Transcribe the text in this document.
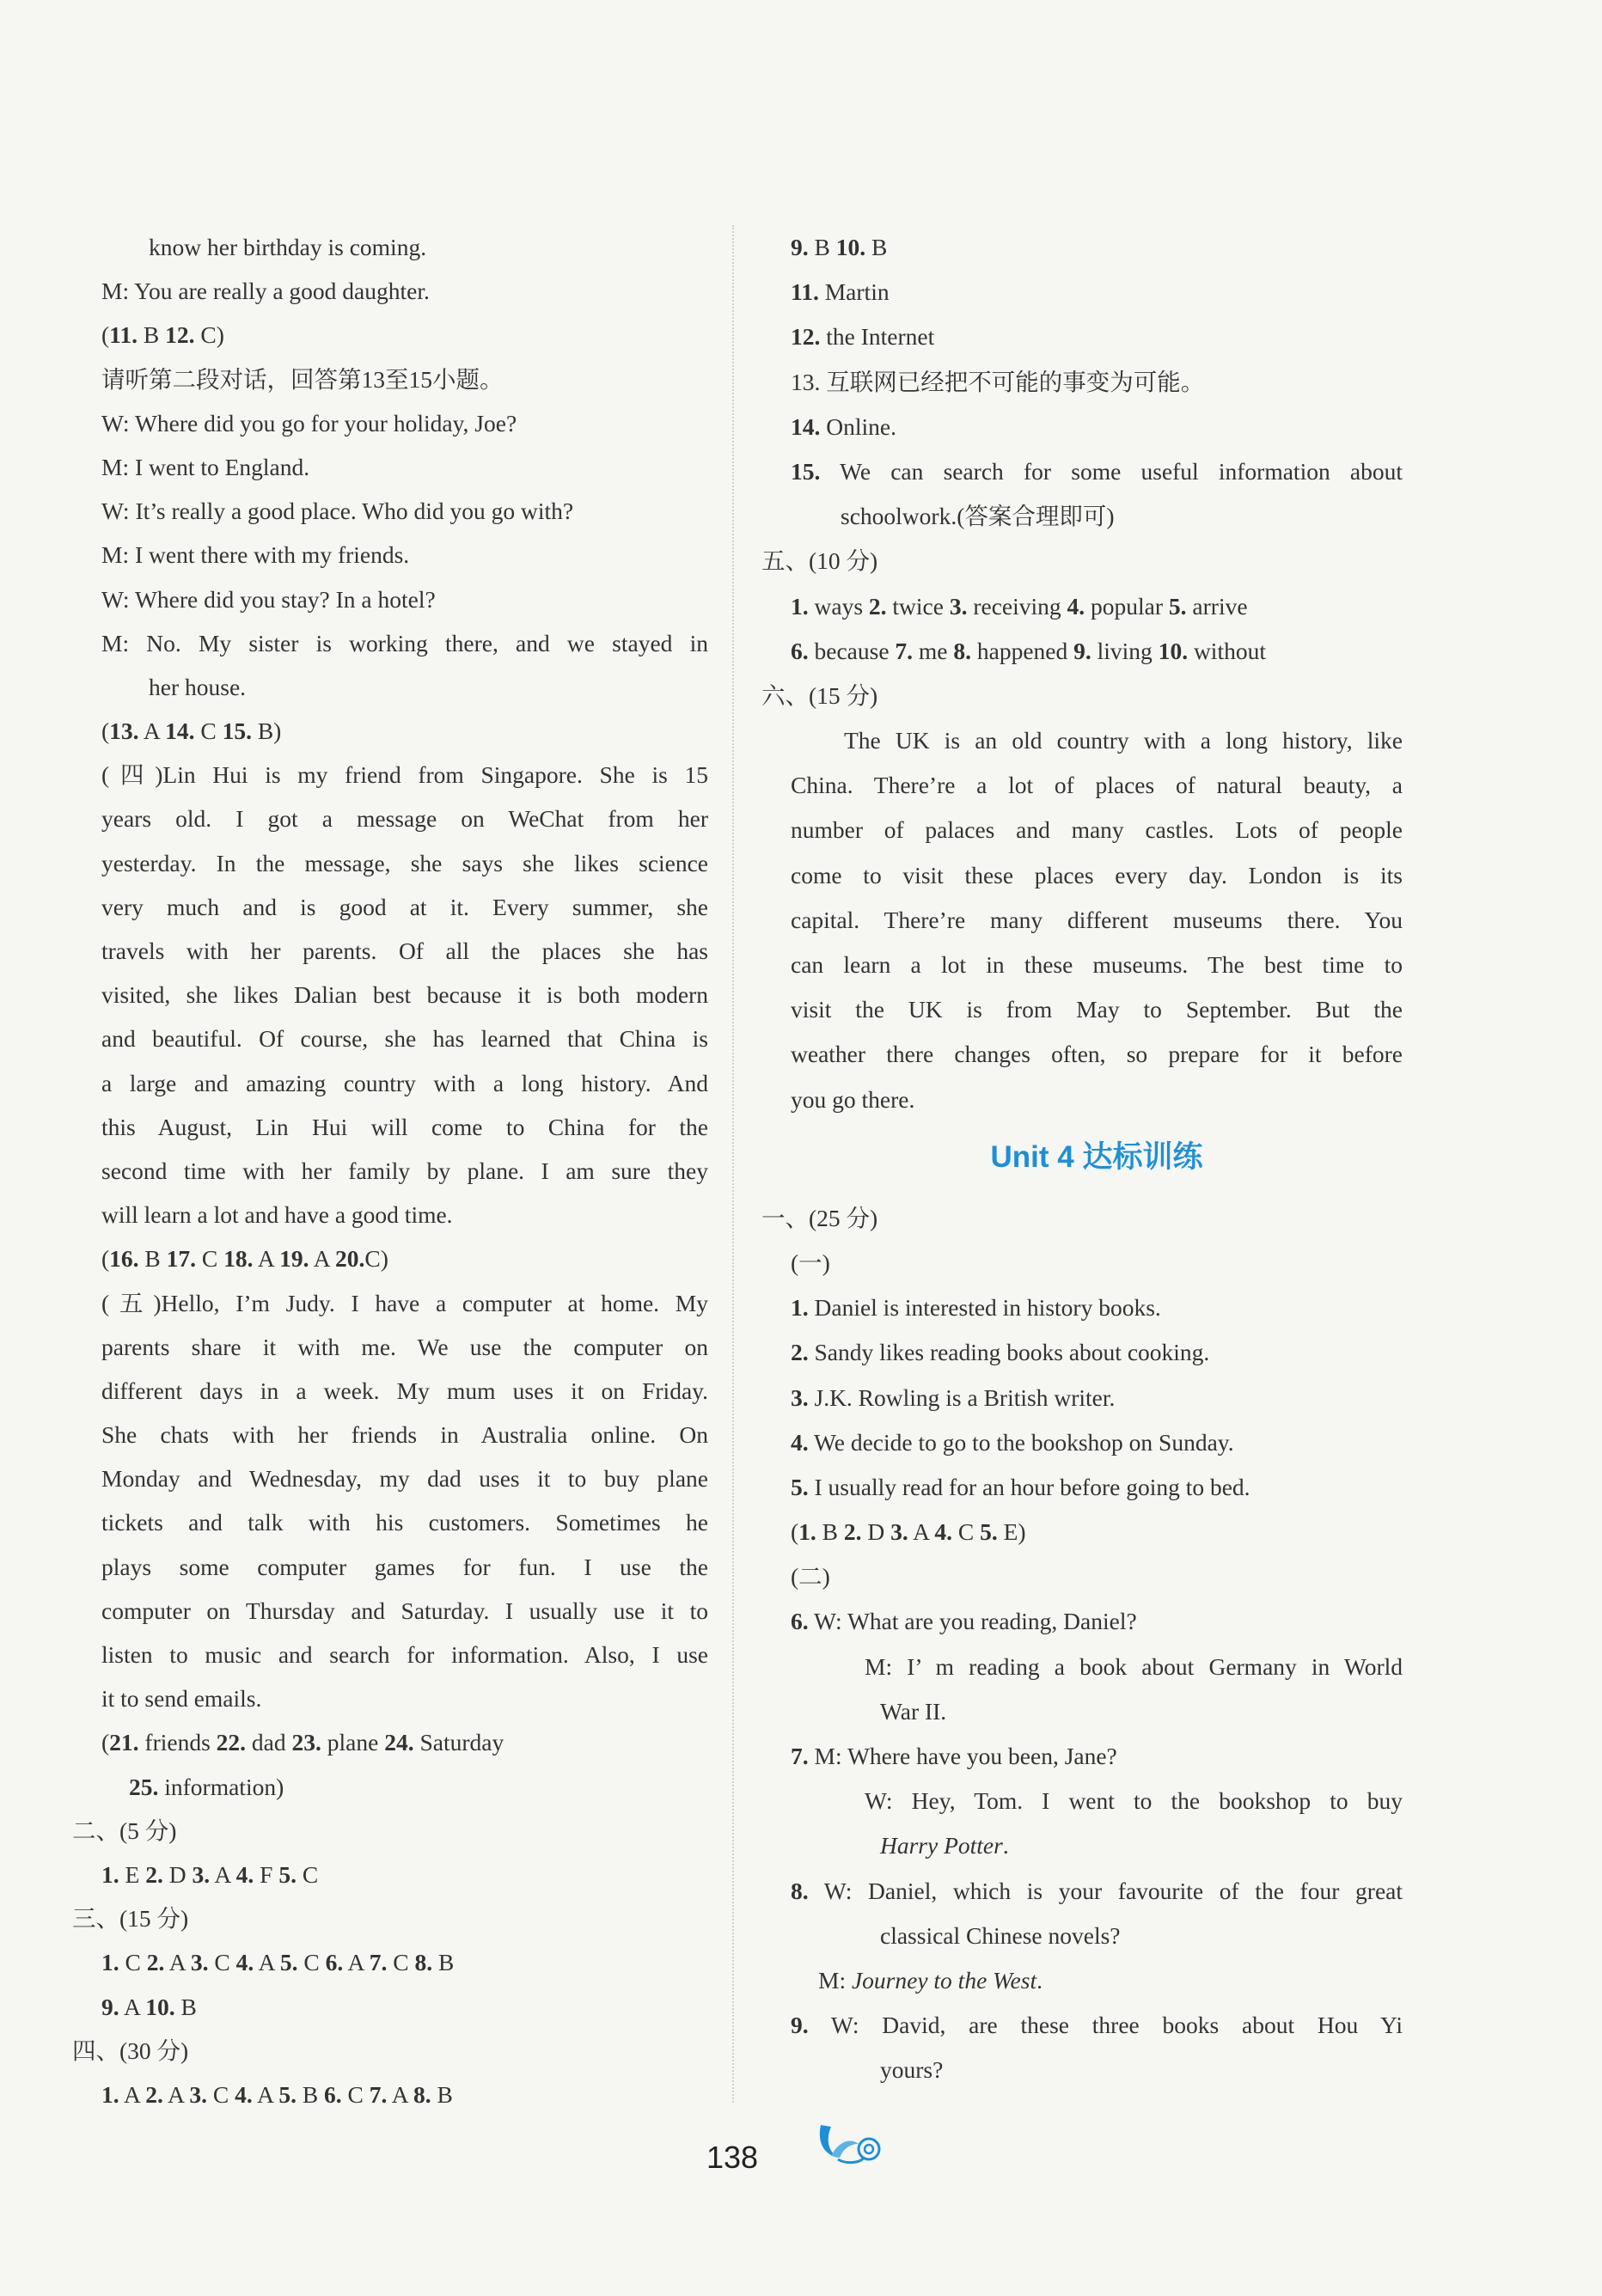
know her birthday is coming.
M: You are really a good daughter.
(11. B 12. C)
请听第二段对话，回答第13至15小题。
W: Where did you go for your holiday, Joe?
M: I went to England.
W: It’s really a good place. Who did you go with?
M: I went there with my friends.
W: Where did you stay? In a hotel?
M: No. My sister is working there, and we stayed in
her house.
(13. A 14. C 15. B)
(四)Lin Hui is my friend from Singapore. She is 15
years old. I got a message on WeChat from her
yesterday. In the message, she says she likes science
very much and is good at it. Every summer, she
travels with her parents. Of all the places she has
visited, she likes Dalian best because it is both modern
and beautiful. Of course, she has learned that China is
a large and amazing country with a long history. And
this August, Lin Hui will come to China for the
second time with her family by plane. I am sure they
will learn a lot and have a good time.
(16. B 17. C 18. A 19. A 20.C)
(五)Hello, I’m Judy. I have a computer at home. My
parents share it with me. We use the computer on
different days in a week. My mum uses it on Friday.
She chats with her friends in Australia online. On
Monday and Wednesday, my dad uses it to buy plane
tickets and talk with his customers. Sometimes he
plays some computer games for fun. I use the
computer on Thursday and Saturday. I usually use it to
listen to music and search for information. Also, I use
it to send emails.
(21. friends 22. dad 23. plane 24. Saturday
25. information)
二、(5 分)
1. E 2. D 3. A 4. F 5. C
三、(15 分)
1. C 2. A 3. C 4. A 5. C 6. A 7. C 8. B
9. A 10. B
四、(30 分)
1. A 2. A 3. C 4. A 5. B 6. C 7. A 8. B
9. B 10. B
11. Martin
12. the Internet
13. 互联网已经把不可能的事变为可能。
14. Online.
15. We can search for some useful information about
schoolwork.(答案合理即可)
五、(10 分)
1. ways 2. twice 3. receiving 4. popular 5. arrive
6. because 7. me 8. happened 9. living 10. without
六、(15 分)
The UK is an old country with a long history, like
China. There’re a lot of places of natural beauty, a
number of palaces and many castles. Lots of people
come to visit these places every day. London is its
capital. There’re many different museums there. You
can learn a lot in these museums. The best time to
visit the UK is from May to September. But the
weather there changes often, so prepare for it before
you go there.
Unit 4 达标训练
一、(25 分)
(一)
1. Daniel is interested in history books.
2. Sandy likes reading books about cooking.
3. J.K. Rowling is a British writer.
4. We decide to go to the bookshop on Sunday.
5. I usually read for an hour before going to bed.
(1. B 2. D 3. A 4. C 5. E)
(二)
6. W: What are you reading, Daniel?
M: I’ m reading a book about Germany in World
War II.
7. M: Where have you been, Jane?
W: Hey, Tom. I went to the bookshop to buy
Harry Potter.
8. W: Daniel, which is your favourite of the four great
classical Chinese novels?
M: Journey to the West.
9. W: David, are these three books about Hou Yi
yours?
138
